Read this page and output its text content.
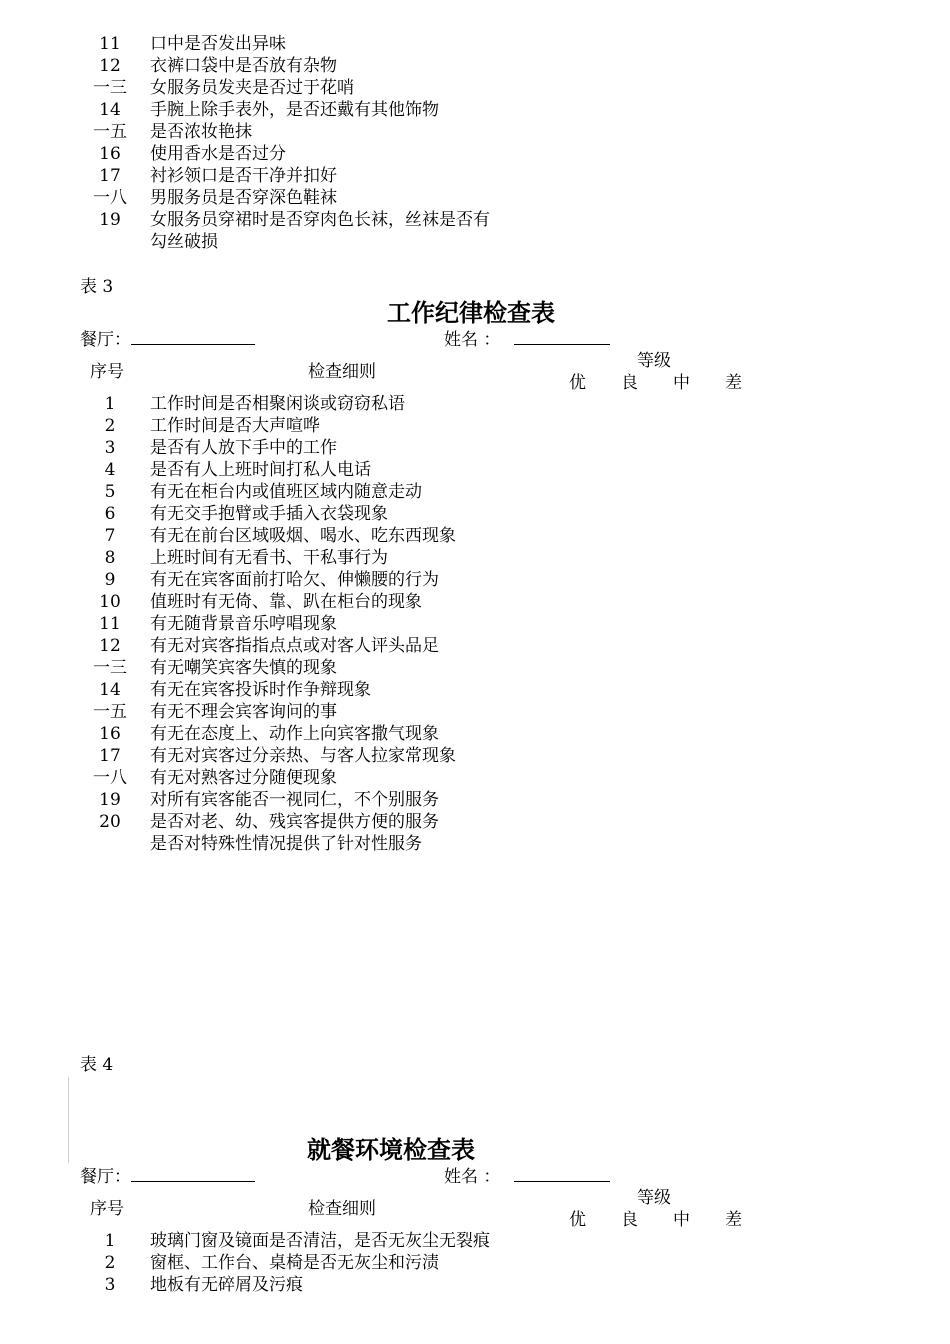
11	口中是否发出异味
12	衣裤口袋中是否放有杂物
一三	女服务员发夹是否过于花哨
14	手腕上除手表外，是否还戴有其他饰物
一五	是否浓妆艳抹
16	使用香水是否过分
17	衬衫领口是否干净并扣好
一八	男服务员是否穿深色鞋袜
19	女服务员穿裙时是否穿肉色长袜，丝袜是否有
勾丝破损
表 3
工作纪律检查表
餐厅：	姓名 ：
序号	检查细则
等级
优 良 中 差
1	工作时间是否相聚闲谈或窃窃私语
2	工作时间是否大声喧哗
3	是否有人放下手中的工作
4	是否有人上班时间打私人电话
5	有无在柜台内或值班区域内随意走动
6	有无交手抱臂或手插入衣袋现象
7	有无在前台区域吸烟、喝水、吃东西现象
8	上班时间有无看书、干私事行为
9	有无在宾客面前打哈欠、伸懒腰的行为
10	值班时有无倚、靠、趴在柜台的现象
11	有无随背景音乐哼唱现象
12	有无对宾客指指点点或对客人评头品足
一三	有无嘲笑宾客失慎的现象
14	有无在宾客投诉时作争辩现象
一五	有无不理会宾客询问的事
16	有无在态度上、动作上向宾客撒气现象
17	有无对宾客过分亲热、与客人拉家常现象
一八	有无对熟客过分随便现象
19	对所有宾客能否一视同仁，不个别服务
20	是否对老、幼、残宾客提供方便的服务
是否对特殊性情况提供了针对性服务
表 4
就餐环境检查表
餐厅：	姓名 ：
序号	检查细则
等级
优 良 中 差
1	玻璃门窗及镜面是否清洁，是否无灰尘无裂痕
2	窗框、工作台、桌椅是否无灰尘和污渍
3	地板有无碎屑及污痕
